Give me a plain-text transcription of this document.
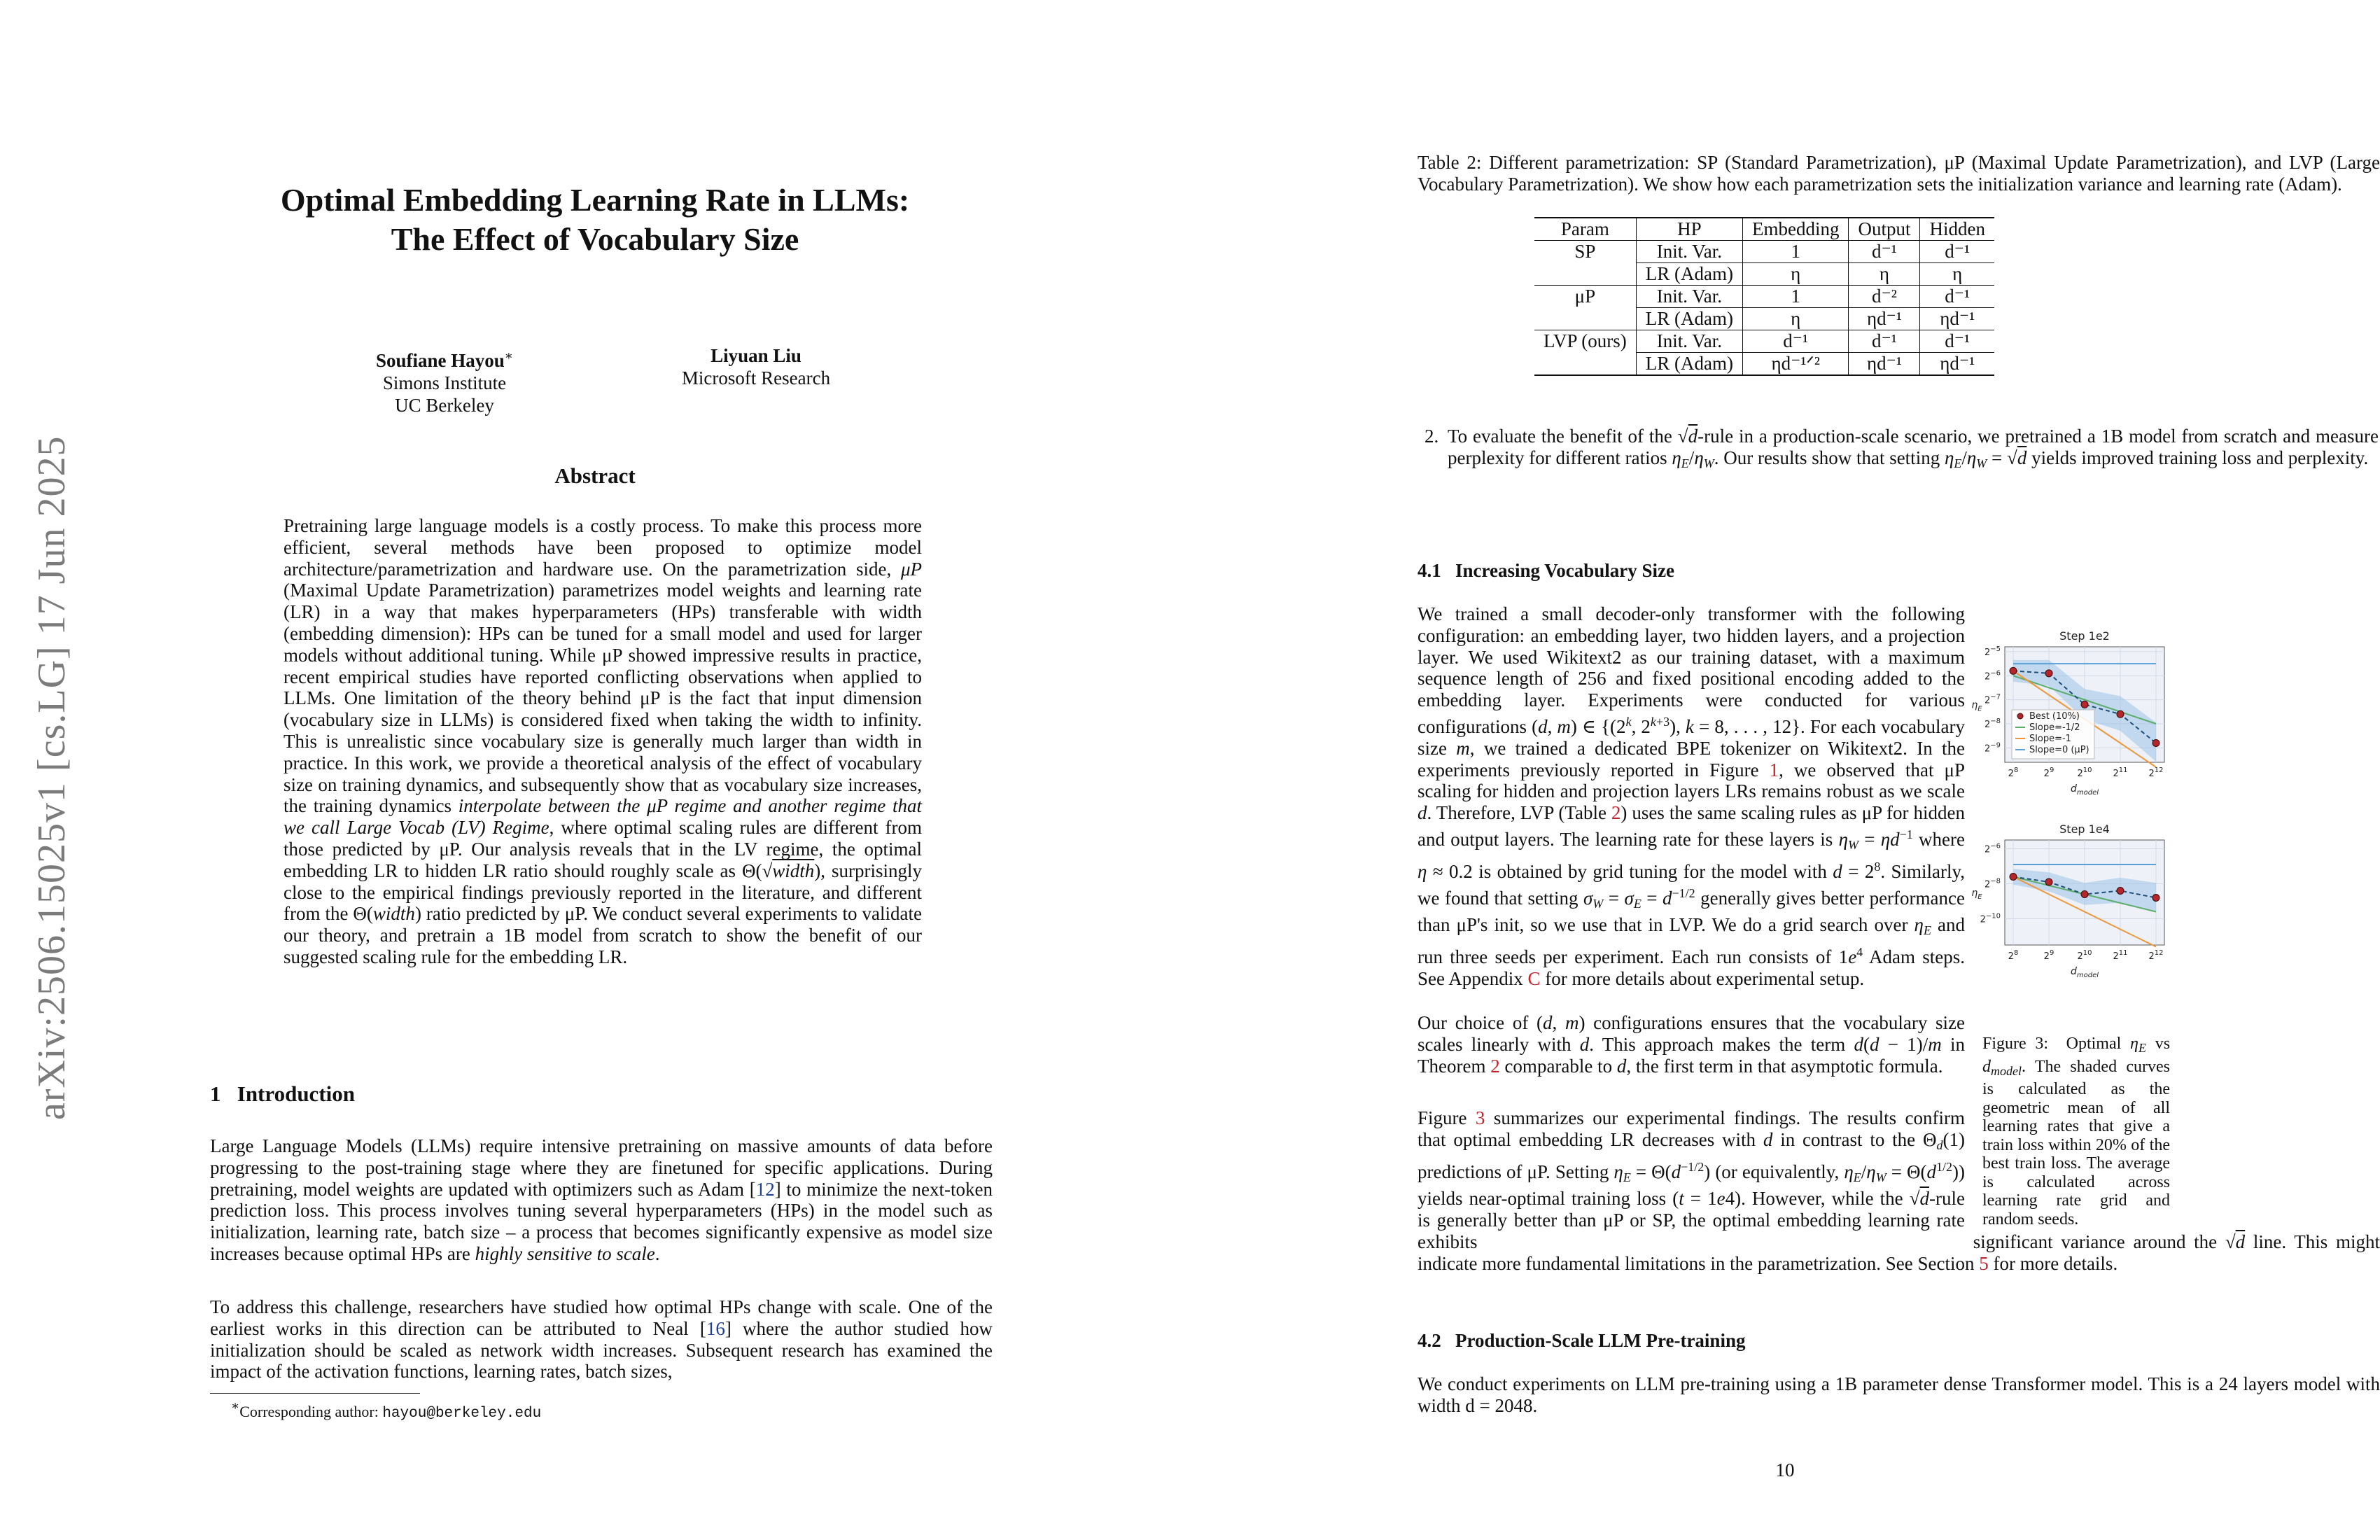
arXiv:2506.15025v1 [cs.LG] 17 Jun 2025
Optimal Embedding Learning Rate in LLMs:
The Effect of Vocabulary Size
Soufiane Hayou∗
Simons Institute
UC Berkeley
Liyuan Liu
Microsoft Research
Abstract
Pretraining large language models is a costly process. To make this process more efficient, several methods have been proposed to optimize model architecture/parametrization and hardware use. On the parametrization side, μP (Maximal Update Parametrization) parametrizes model weights and learning rate (LR) in a way that makes hyperparameters (HPs) transferable with width (embedding dimension): HPs can be tuned for a small model and used for larger models without additional tuning. While μP showed impressive results in practice, recent empirical studies have reported conflicting observations when applied to LLMs. One limitation of the theory behind μP is the fact that input dimension (vocabulary size in LLMs) is considered fixed when taking the width to infinity. This is unrealistic since vocabulary size is generally much larger than width in practice. In this work, we provide a theoretical analysis of the effect of vocabulary size on training dynamics, and subsequently show that as vocabulary size increases, the training dynamics interpolate between the μP regime and another regime that we call Large Vocab (LV) Regime, where optimal scaling rules are different from those predicted by μP. Our analysis reveals that in the LV regime, the optimal embedding LR to hidden LR ratio should roughly scale as Θ(√width), surprisingly close to the empirical findings previously reported in the literature, and different from the Θ(width) ratio predicted by μP. We conduct several experiments to validate our theory, and pretrain a 1B model from scratch to show the benefit of our suggested scaling rule for the embedding LR.
1 Introduction
Large Language Models (LLMs) require intensive pretraining on massive amounts of data before progressing to the post-training stage where they are finetuned for specific applications. During pretraining, model weights are updated with optimizers such as Adam [12] to minimize the next-token prediction loss. This process involves tuning several hyperparameters (HPs) in the model such as initialization, learning rate, batch size – a process that becomes significantly expensive as model size increases because optimal HPs are highly sensitive to scale.
To address this challenge, researchers have studied how optimal HPs change with scale. One of the earliest works in this direction can be attributed to Neal [16] where the author studied how initialization should be scaled as network width increases. Subsequent research has examined the impact of the activation functions, learning rates, batch sizes,
∗Corresponding author: hayou@berkeley.edu
Table 2: Different parametrization: SP (Standard Parametrization), μP (Maximal Update Parametrization), and LVP (Large Vocabulary Parametrization). We show how each parametrization sets the initialization variance and learning rate (Adam).
Param	HP	Embedding	Output	Hidden
SP	Init. Var.	1	d⁻¹	d⁻¹
	LR (Adam)	η	η	η
μP	Init. Var.	1	d⁻²	d⁻¹
	LR (Adam)	η	ηd⁻¹	ηd⁻¹
LVP (ours)	Init. Var.	d⁻¹	d⁻¹	d⁻¹
	LR (Adam)	ηd⁻¹ᐟ²	ηd⁻¹	ηd⁻¹
2. To evaluate the benefit of the √d-rule in a production-scale scenario, we pretrained a 1B model from scratch and measure perplexity for different ratios $\eta_E/\eta_W$. Our results show that setting $\eta_E/\eta_W = √d$ yields improved training loss and perplexity.
4.1 Increasing Vocabulary Size
We trained a small decoder-only transformer with the following configuration: an embedding layer, two hidden layers, and a projection layer. We used Wikitext2 as our training dataset, with a maximum sequence length of 256 and fixed positional encoding added to the embedding layer. Experiments were conducted for various configurations (d, m) ∈ {(2$^k$, $2^{k+3}$), k = 8, . . . , 12}. For each vocabulary size m, we trained a dedicated BPE tokenizer on Wikitext2. In the experiments previously reported in Figure 1, we observed that μP scaling for hidden and projection layers LRs remains robust as we scale d. Therefore, LVP (Table 2) uses the same scaling rules as μP for hidden and output layers. The learning rate for these layers is $\eta_W = \eta d^{-1}$ where η ≈ 0.2 is obtained by grid tuning for the model with $d = 2^8$. Similarly, we found that setting $\sigma_W = \sigma_E = d^{-1/2}$ generally gives better performance than μP's init, so we use that in LVP. We do a grid search over $\eta_E$ and run three seeds per experiment. Each run consists of $1e^4$ Adam steps. See Appendix C for more details about experimental setup.
Our choice of (d, m) configurations ensures that the vocabulary size scales linearly with d. This approach makes the term d(d − 1)/m in Theorem 2 comparable to d, the first term in that asymptotic formula.
Figure 3 summarizes our experimental findings. The results confirm that optimal embedding LR decreases with d in contrast to the $\Theta_d(1)$ predictions of μP. Setting $\eta_E = \Theta(d^{-1/2})$ (or equivalently, $\eta_E/\eta_W = \Theta(d^{1/2})$) yields near-optimal training loss (t = 1e4). However, while the √d-rule is generally better than μP or SP, the optimal embedding learning rate exhibits	significant variance around the √d line. This might indicate more fundamental limitations in the parametrization. See Section 5 for more details.
4.2 Production-Scale LLM Pre-training
We conduct experiments on LLM pre-training using a 1B parameter dense Transformer model. This is a 24 layers model with width d = 2048.
Step 1e2
$2^{-5}$
$2^{-6}$
$2^{-7}$
$2^{-8}$
$2^{-9}$
$2^8$	$2^9$	$2^{10}$ $2^{11}$ $2^{12}$
$d_{model}$
$\eta_E$
Best (10%)
Slope=-1/2
Slope=-1
Slope=0 (μP)
Step 1e4
$2^{-6}$
$2^{-8}$
$2^{-10}$
$2^8$	$2^9$	$2^{10}$ $2^{11}$ $2^{12}$
$d_{model}$
$\eta_E$
Figure 3: Optimal $\eta_E$ vs $d_{model}$. The shaded curves is calculated as the geometric mean of all learning rates that give a train loss within 20% of the best train loss. The average is calculated across learning rate grid and random seeds.
10
